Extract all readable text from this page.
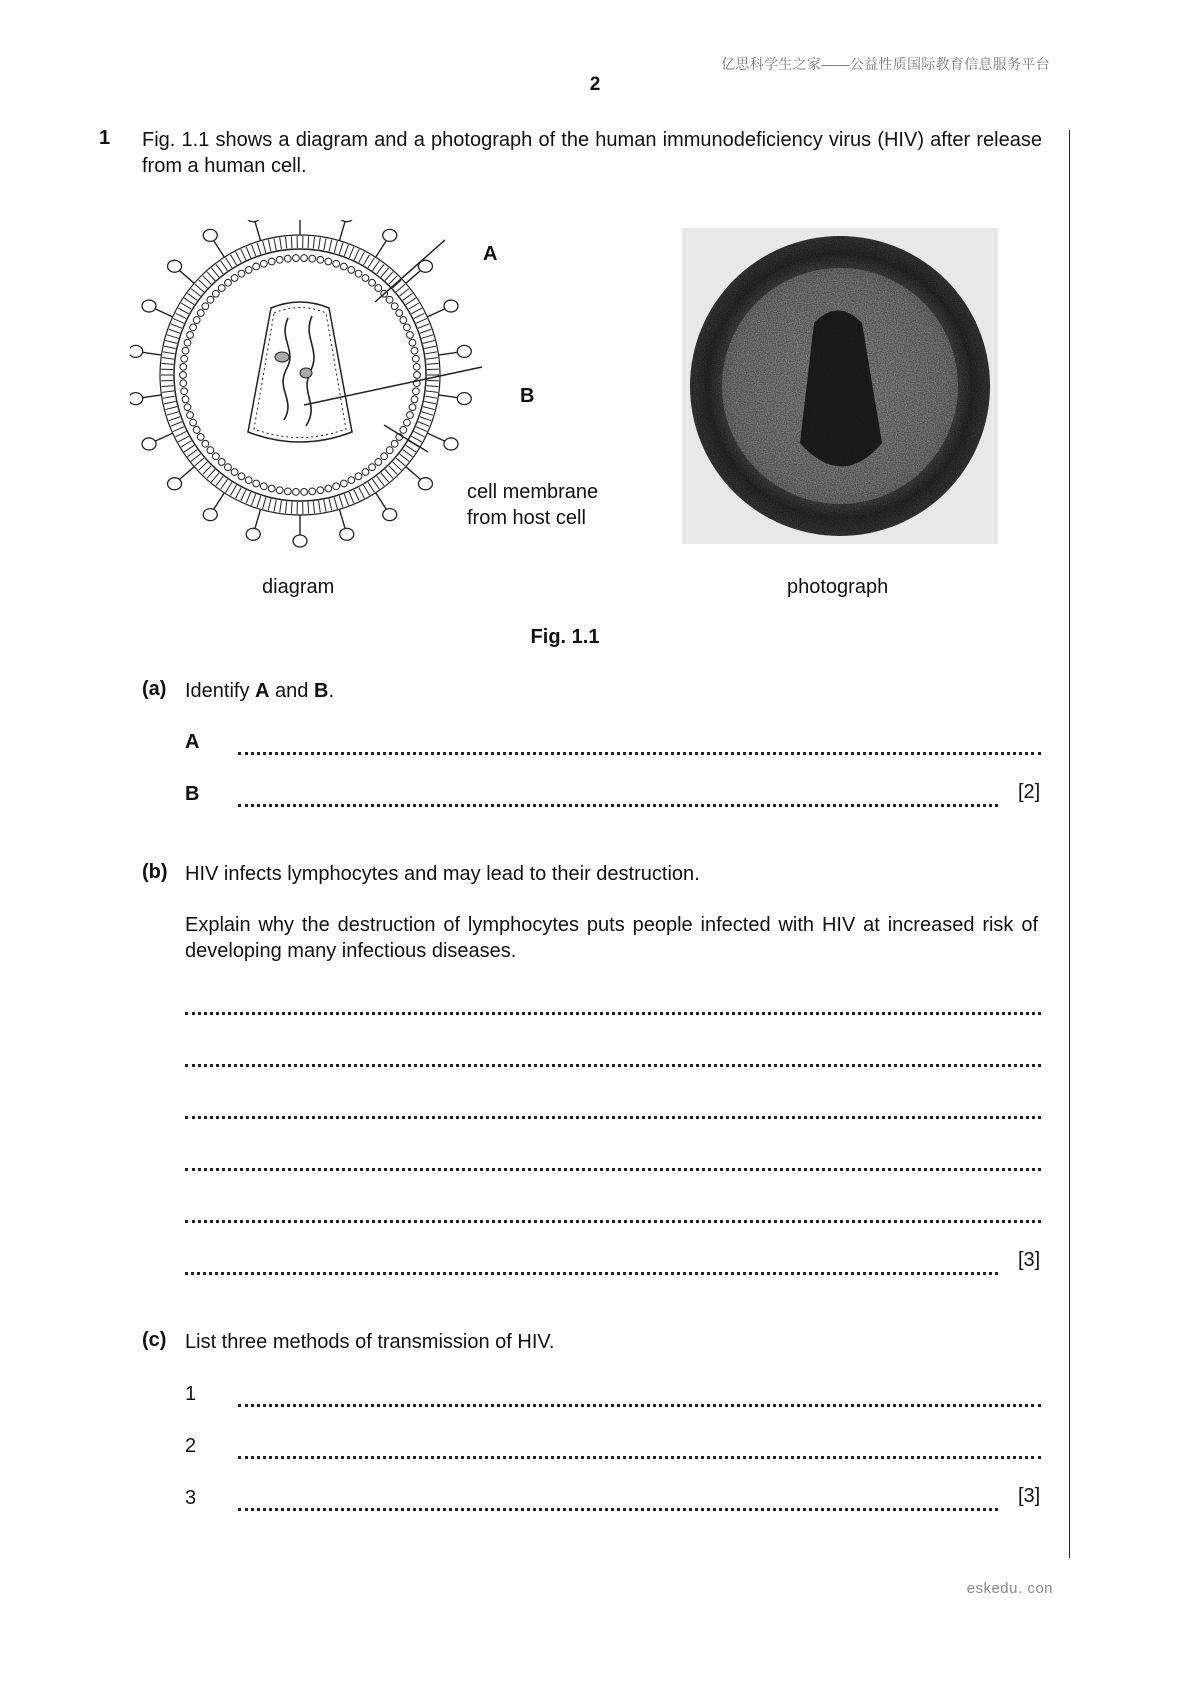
亿思科学生之家——公益性质国际教育信息服务平台
2
1 Fig. 1.1 shows a diagram and a photograph of the human immunodeficiency virus (HIV) after release from a human cell.
A
B
cell membrane
from host cell
diagram	photograph
Fig. 1.1
(a) Identify A and B.
A
B	[2]
(b) HIV infects lymphocytes and may lead to their destruction.
Explain why the destruction of lymphocytes puts people infected with HIV at increased risk of developing many infectious diseases.
[3]
(c) List three methods of transmission of HIV.
1
2
3	[3]
eskedu. con
